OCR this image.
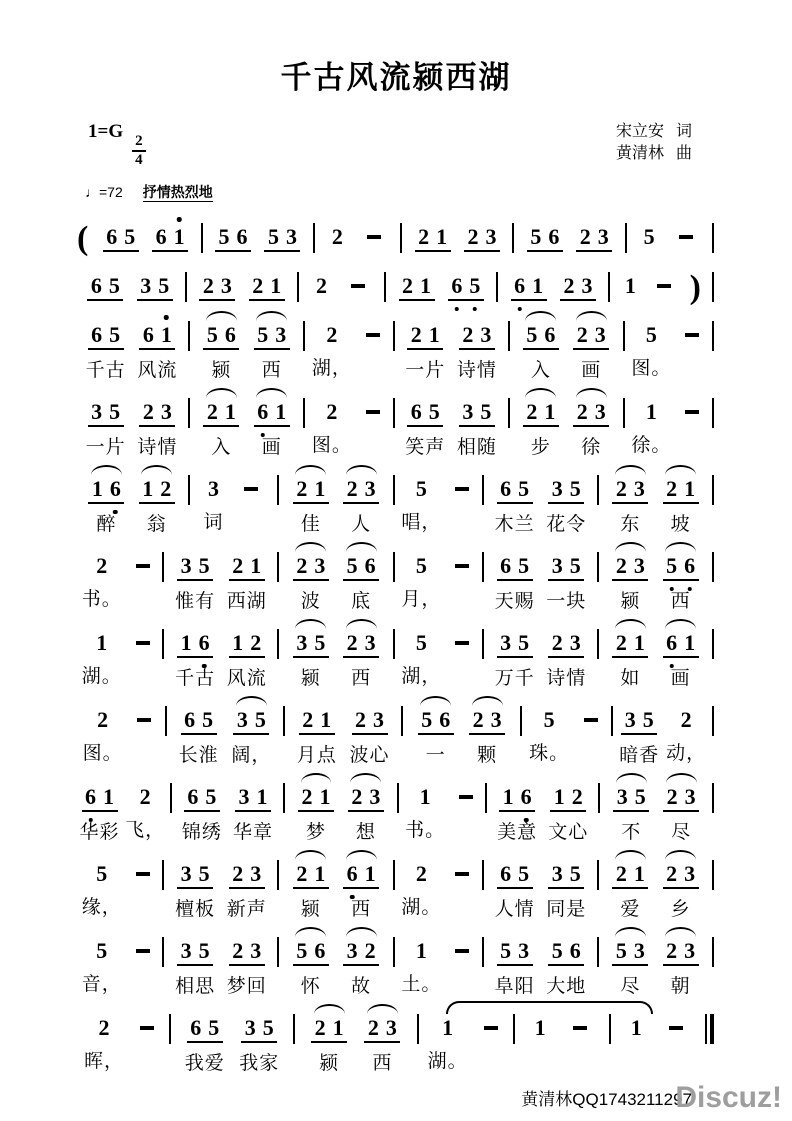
千古风流颍西湖
1=G
$\frac{2}{4}$
宋立安 词
黄清林 曲
♩=72 抒情热烈地
( 6 5 6 1 5 6 5 3 2	2 1 2 3 5 6 2 3 5
6 5 3 5 2 3 2 1 2	2 1 6 5 6 1 2 3 1 )
6 5
千古
6 1
风流
5 6
颍
5 3
西
2
湖，
2 1
一片
2 3
诗情
5 6
入
2 3
画
5
图。
3 5
一片
2 3
诗情
2 1
入
6 1
画
2
图。
6 5
笑声
3 5
相随
2 1
步
2 3
徐
1
徐。
1 6
醉
1 2
翁
3
词
2 1
佳
2 3
人
5
唱，
6 5
木兰
3 5
花令
2 3
东
2 1
坡
2
书。
3 5
惟有
2 1
西湖
2 3
波
5 6
底
5
月，
6 5
天赐
3 5
一块
2 3
颍
5 6
西
1
湖。
1 6
千古
1 2
风流
3 5
颍
2 3
西
5
湖，
3 5
万千
2 3
诗情
2 1
如
6 1
画
2
图。
6 5
长淮
3 5
阔，
2 1
月点
2 3
波心
5 6
一
2 3
颗
5
珠。
3 5
暗香
2
动，
6 1
华彩
2
飞，
6 5
锦绣
3 1
华章
2 1
梦
2 3
想
1
书。
1 6
美意
1 2
文心
3 5
不
2 3
尽
5
缘，
3 5
檀板
2 3
新声
2 1
颍
6 1
西
2
湖。
6 5
人情
3 5
同是
2 1
爱
2 3
乡
5
音，
3 5
相思
2 3
梦回
5 6
怀
3 2
故
1
土。
5 3
阜阳
5 6
大地
5 3
尽
2 3
朝
2
晖，
6 5
我爱
3 5
我家
2 1
颍
2 3
西
1
湖。
1	1
黄清林QQ1743211297
Discuz!
